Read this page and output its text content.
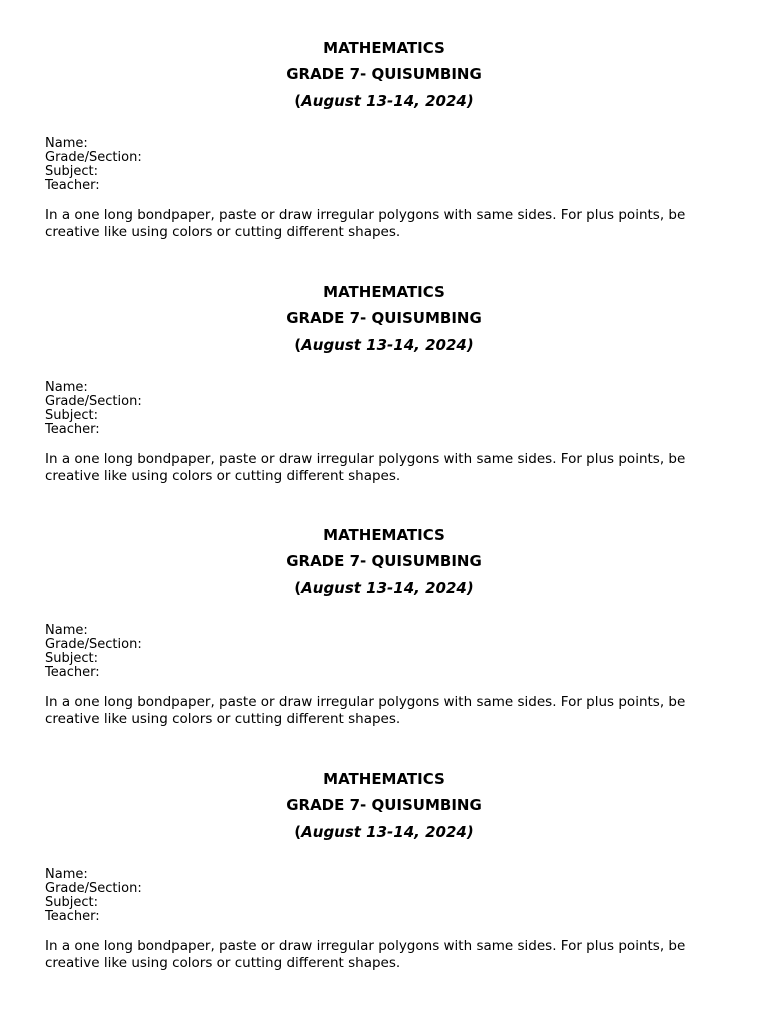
MATHEMATICS
GRADE 7- QUISUMBING
(August 13-14, 2024)
Name:
Grade/Section:
Subject:
Teacher:
In a one long bondpaper, paste or draw irregular polygons with same sides. For plus points, be creative like using colors or cutting different shapes.
MATHEMATICS
GRADE 7- QUISUMBING
(August 13-14, 2024)
Name:
Grade/Section:
Subject:
Teacher:
In a one long bondpaper, paste or draw irregular polygons with same sides. For plus points, be creative like using colors or cutting different shapes.
MATHEMATICS
GRADE 7- QUISUMBING
(August 13-14, 2024)
Name:
Grade/Section:
Subject:
Teacher:
In a one long bondpaper, paste or draw irregular polygons with same sides. For plus points, be creative like using colors or cutting different shapes.
MATHEMATICS
GRADE 7- QUISUMBING
(August 13-14, 2024)
Name:
Grade/Section:
Subject:
Teacher:
In a one long bondpaper, paste or draw irregular polygons with same sides. For plus points, be creative like using colors or cutting different shapes.
